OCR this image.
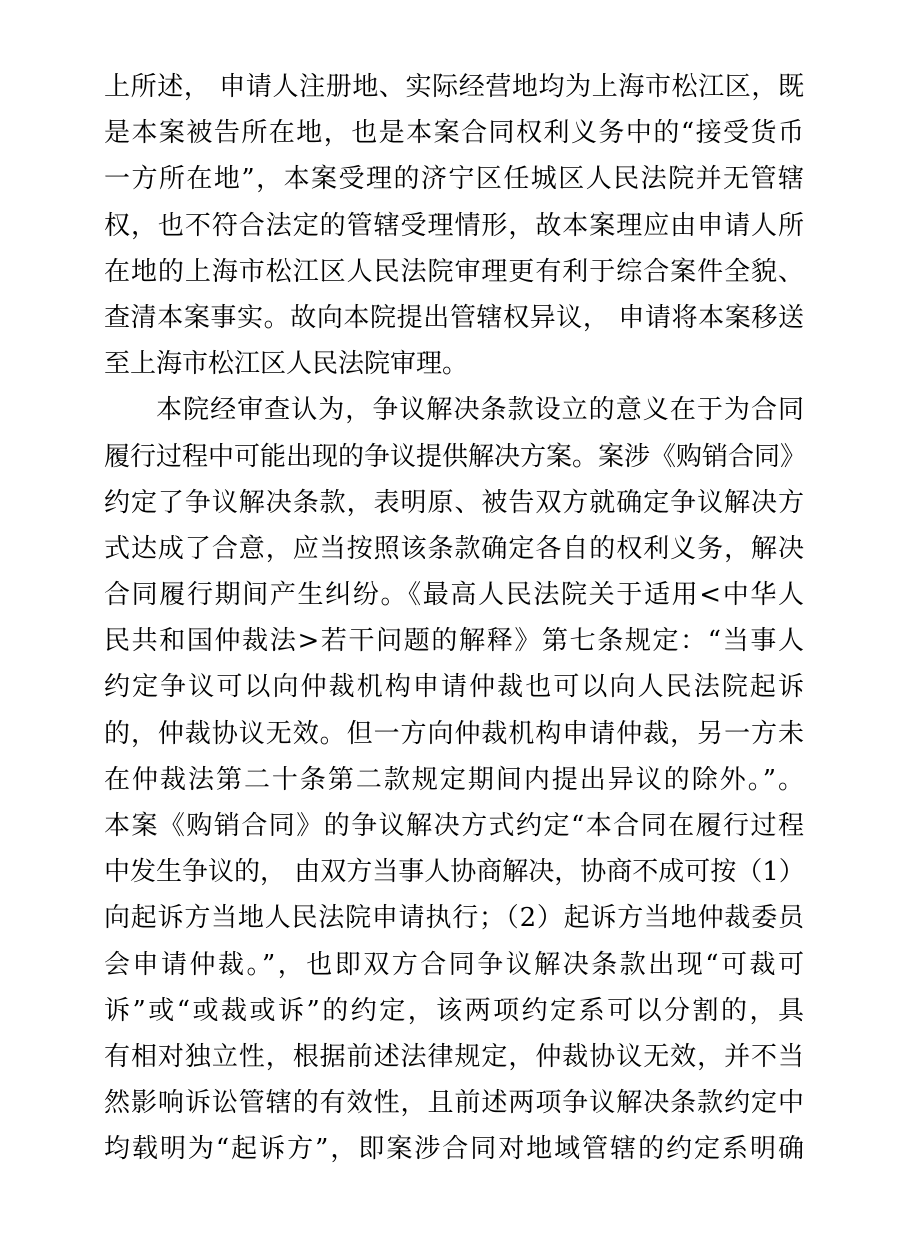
上所述， 申请人注册地、实际经营地均为上海市松江区，既
是本案被告所在地，也是本案合同权利义务中的“接受货币
一方所在地”，本案受理的济宁区任城区人民法院并无管辖
权，也不符合法定的管辖受理情形，故本案理应由申请人所
在地的上海市松江区人民法院审理更有利于综合案件全貌、
查清本案事实。故向本院提出管辖权异议， 申请将本案移送
至上海市松江区人民法院审理。
本院经审查认为，争议解决条款设立的意义在于为合同
履行过程中可能出现的争议提供解决方案。案涉《购销合同》
约定了争议解决条款，表明原、被告双方就确定争议解决方
式达成了合意，应当按照该条款确定各自的权利义务，解决
合同履行期间产生纠纷。《最高人民法院关于适用<中华人
民共和国仲裁法>若干问题的解释》第七条规定：“当事人
约定争议可以向仲裁机构申请仲裁也可以向人民法院起诉
的，仲裁协议无效。但一方向仲裁机构申请仲裁，另一方未
在仲裁法第二十条第二款规定期间内提出异议的除外。”。
本案《购销合同》的争议解决方式约定“本合同在履行过程
中发生争议的， 由双方当事人协商解决，协商不成可按（1）
向起诉方当地人民法院申请执行；（2）起诉方当地仲裁委员
会申请仲裁。”，也即双方合同争议解决条款出现“可裁可
诉”或“或裁或诉”的约定，该两项约定系可以分割的，具
有相对独立性，根据前述法律规定，仲裁协议无效，并不当
然影响诉讼管辖的有效性，且前述两项争议解决条款约定中
均载明为“起诉方”，即案涉合同对地域管辖的约定系明确
